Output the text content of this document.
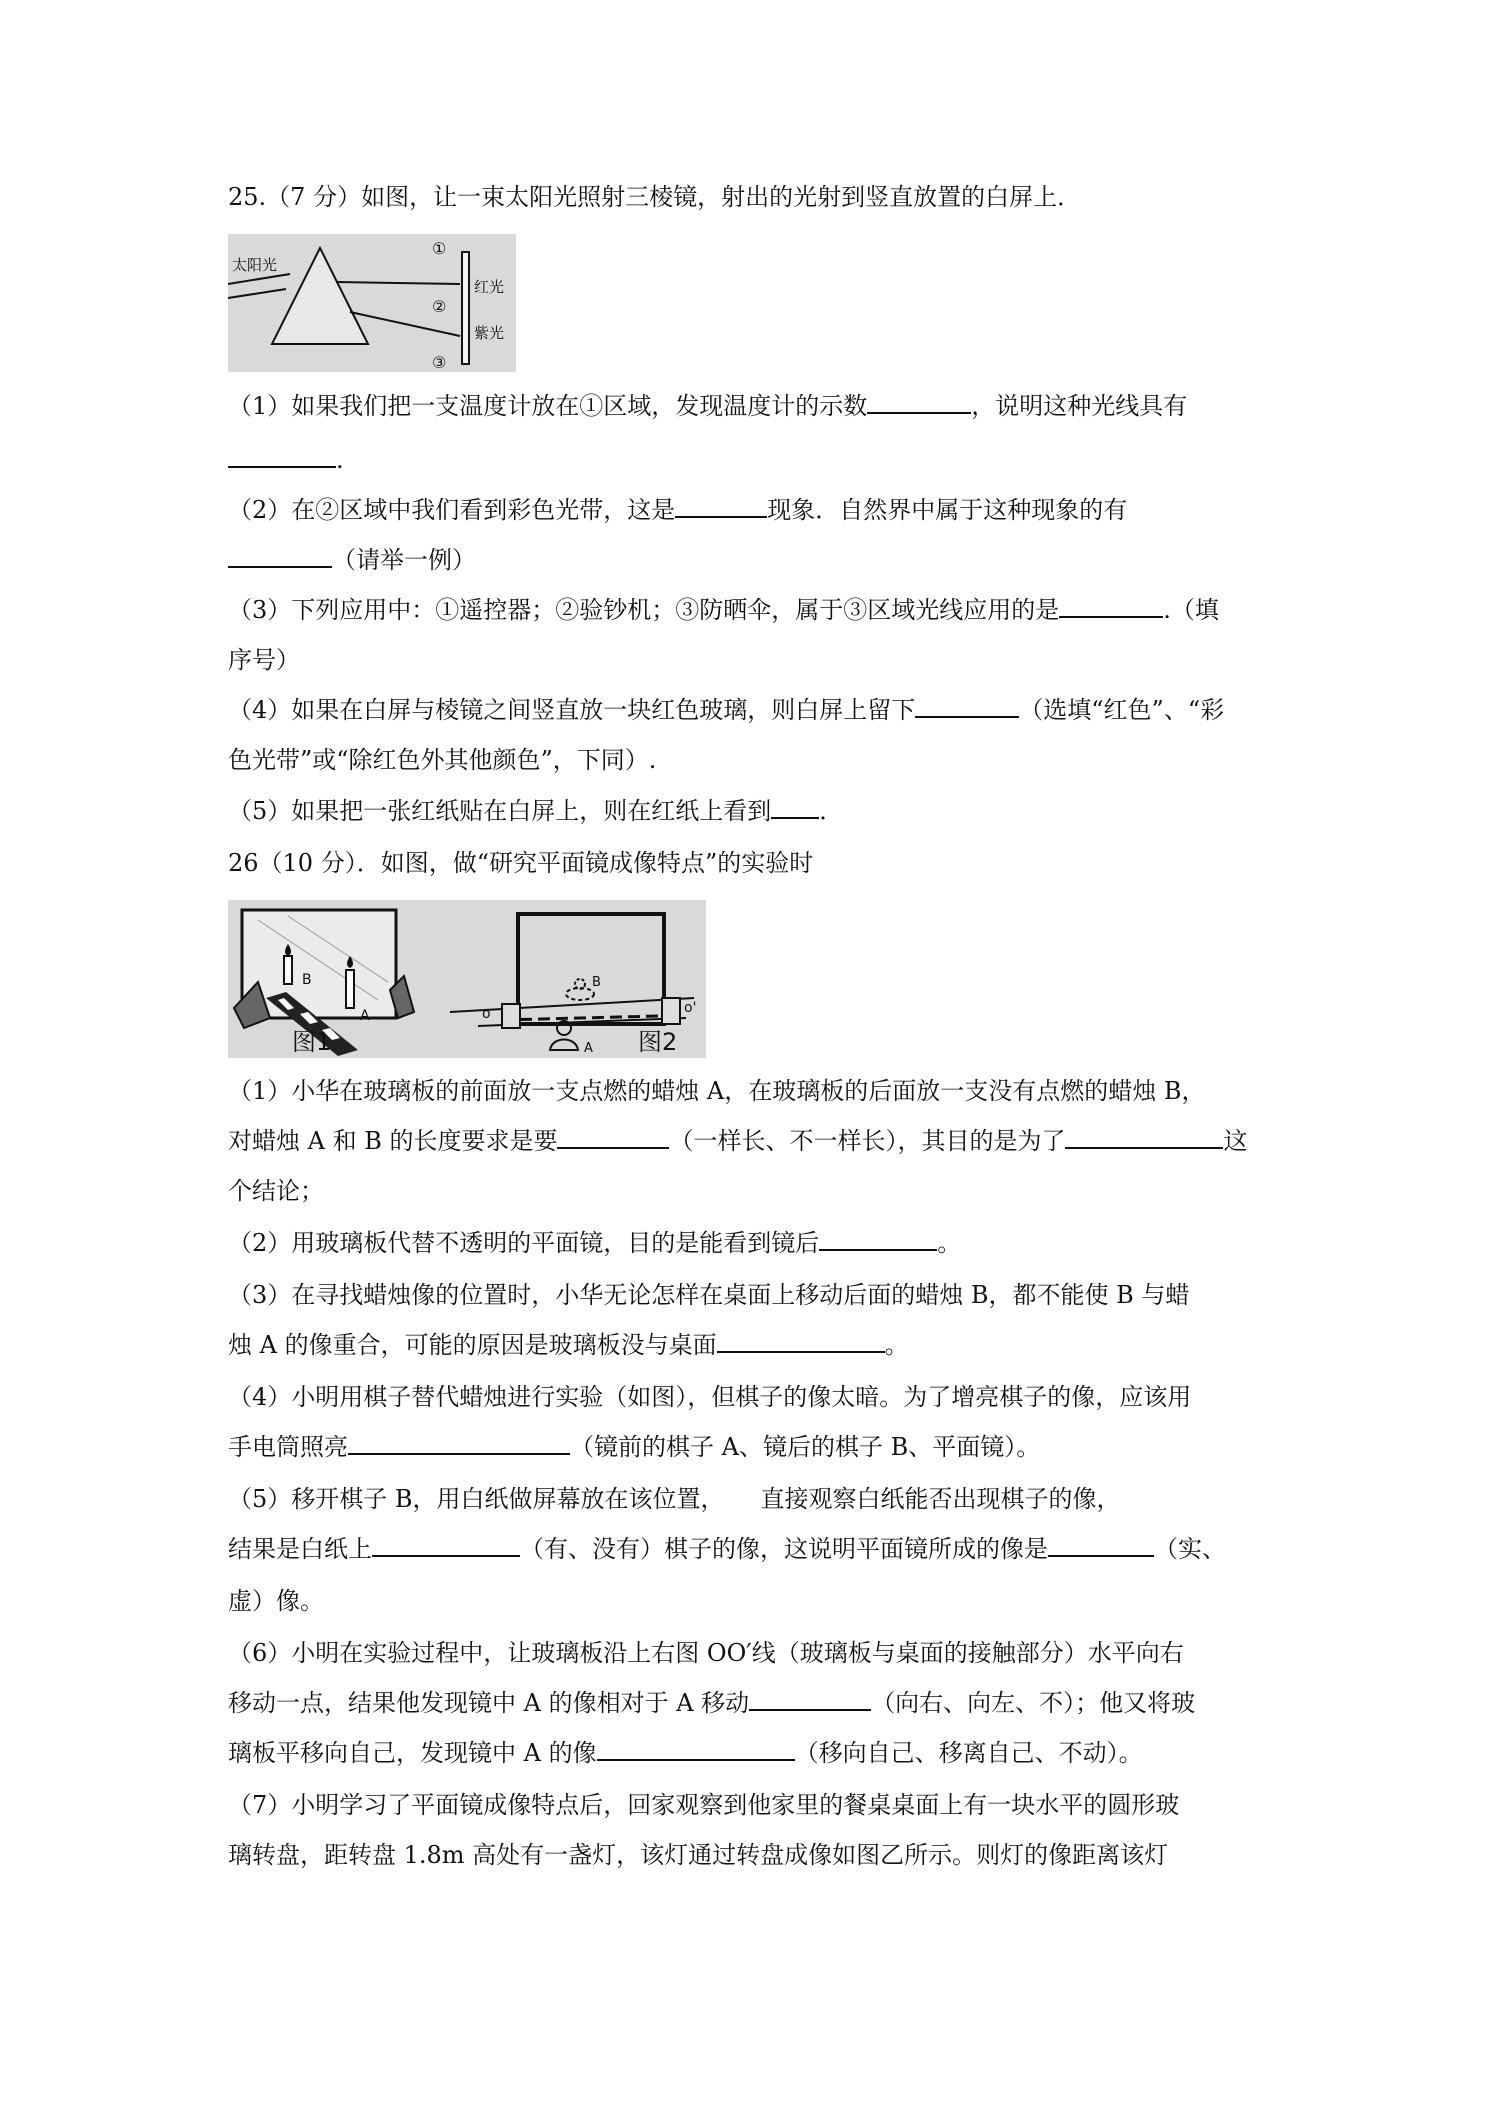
25.（7 分）如图，让一束太阳光照射三棱镜，射出的光射到竖直放置的白屏上．
太阳光
①
②
③
红光
紫光
（1）如果我们把一支温度计放在①区域，发现温度计的示数	，说明这种光线具有
.
（2）在②区域中我们看到彩色光带，这是	现象．自然界中属于这种现象的有
（请举一例）
（3）下列应用中：①遥控器；②验钞机；③防晒伞，属于③区域光线应用的是	.（填
序号）
（4）如果在白屏与棱镜之间竖直放一块红色玻璃，则白屏上留下	（选填“红色”、“彩
色光带”或“除红色外其他颜色”，下同）.
（5）如果把一张红纸贴在白屏上，则在红纸上看到 ．
26（10 分）．如图，做“研究平面镜成像特点”的实验时
B
A
图1
B
A
o	o'
图2
（1）小华在玻璃板的前面放一支点燃的蜡烛 A，在玻璃板的后面放一支没有点燃的蜡烛 B，
对蜡烛 A 和 B 的长度要求是要	（一样长、不一样长），其目的是为了	这
个结论；
（2）用玻璃板代替不透明的平面镜，目的是能看到镜后	。
（3）在寻找蜡烛像的位置时，小华无论怎样在桌面上移动后面的蜡烛 B，都不能使 B 与蜡
烛 A 的像重合，可能的原因是玻璃板没与桌面	。
（4）小明用棋子替代蜡烛进行实验（如图），但棋子的像太暗。为了增亮棋子的像，应该用
手电筒照亮	（镜前的棋子 A、镜后的棋子 B、平面镜）。
（5）移开棋子 B，用白纸做屏幕放在该位置，　　直接观察白纸能否出现棋子的像，
结果是白纸上	（有、没有）棋子的像，这说明平面镜所成的像是	（实、
虚）像。
（6）小明在实验过程中，让玻璃板沿上右图 OO′线（玻璃板与桌面的接触部分）水平向右
移动一点，结果他发现镜中 A 的像相对于 A 移动	（向右、向左、不）；他又将玻
璃板平移向自己，发现镜中 A 的像	（移向自己、移离自己、不动）。
（7）小明学习了平面镜成像特点后，回家观察到他家里的餐桌桌面上有一块水平的圆形玻
璃转盘，距转盘 1.8m 高处有一盏灯，该灯通过转盘成像如图乙所示。则灯的像距离该灯
